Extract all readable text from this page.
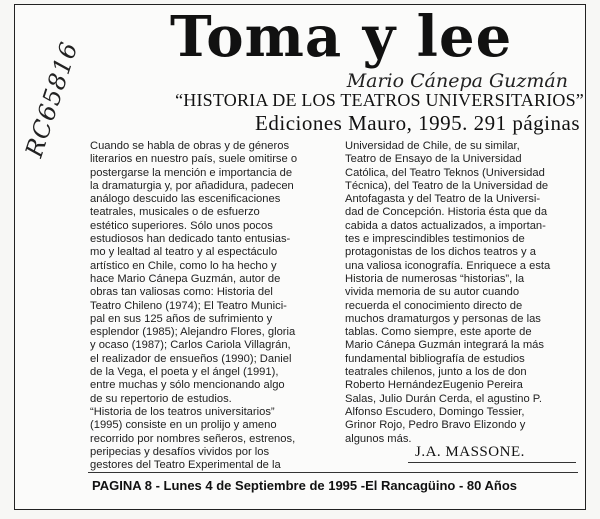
Toma y lee
Mario Cánepa Guzmán
“HISTORIA DE LOS TEATROS UNIVERSITARIOS”
Ediciones Mauro, 1995. 291 páginas
RC65816 Cuando se habla de obras y de géneros
literarios en nuestro país, suele omitirse o
postergarse la mención e importancia de
la dramaturgia y, por añadidura, padecen
análogo descuido las escenificaciones
teatrales, musicales o de esfuerzo
estético superiores. Sólo unos pocos
estudiosos han dedicado tanto entusias-
mo y lealtad al teatro y al espectáculo
artístico en Chile, como lo ha hecho y
hace Mario Cánepa Guzmán, autor de
obras tan valiosas como: Historia del
Teatro Chileno (1974); El Teatro Munici-
pal en sus 125 años de sufrimiento y
esplendor (1985); Alejandro Flores, gloria
y ocaso (1987); Carlos Cariola Villagrán,
el realizador de ensueños (1990); Daniel
de la Vega, el poeta y el ángel (1991),
entre muchas y sólo mencionando algo
de su repertorio de estudios.
“Historia de los teatros universitarios”
(1995) consiste en un prolijo y ameno
recorrido por nombres señeros, estrenos,
peripecias y desafíos vividos por los
gestores del Teatro Experimental de la
Universidad de Chile, de su similar,
Teatro de Ensayo de la Universidad
Católica, del Teatro Teknos (Universidad
Técnica), del Teatro de la Universidad de
Antofagasta y del Teatro de la Universi-
dad de Concepción. Historia ésta que da
cabida a datos actualizados, a importan-
tes e imprescindibles testimonios de
protagonistas de los dichos teatros y a
una valiosa iconografía. Enriquece a esta
Historia de numerosas “historias”, la
vivida memoria de su autor cuando
recuerda el conocimiento directo de
muchos dramaturgos y personas de las
tablas. Como siempre, este aporte de
Mario Cánepa Guzmán integrará la más
fundamental bibliografía de estudios
teatrales chilenos, junto a los de don
Roberto HernándezEugenio Pereira
Salas, Julio Durán Cerda, el agustino P.
Alfonso Escudero, Domingo Tessier,
Grinor Rojo, Pedro Bravo Elizondo y
algunos más.
J.A. MASSONE.
PAGINA 8 - Lunes 4 de Septiembre de 1995 -El Rancagüino - 80 Años
